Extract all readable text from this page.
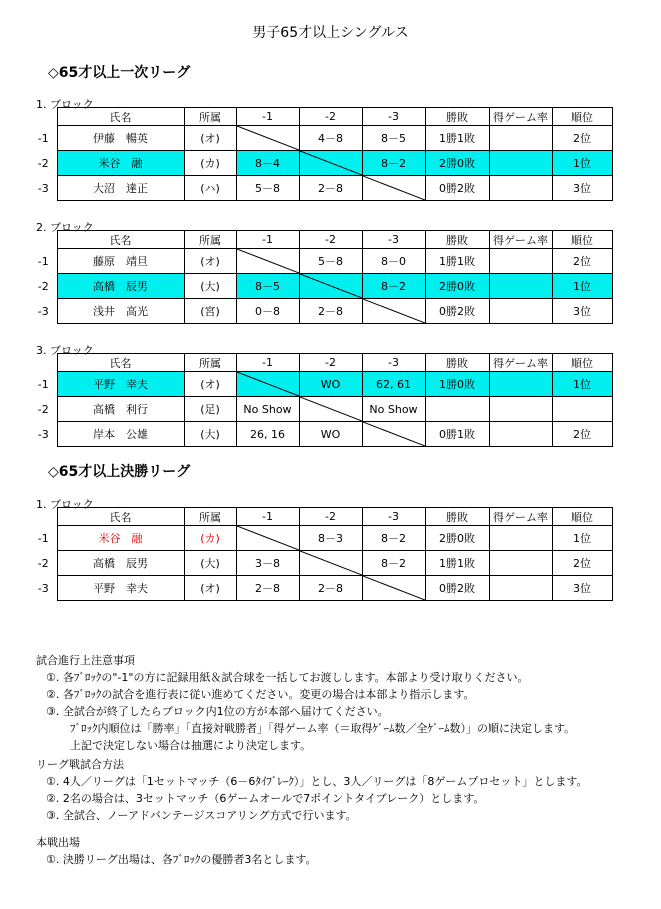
男子65才以上シングルス
◇65才以上一次リーグ
1. ブロック
	氏名	所属	-1	-2	-3	勝敗	得ゲーム率	順位
-1	伊藤　暢英	(オ)		4－8	8－5	1勝1敗		2位
-2	米谷　融	(カ)	8－4		8－2	2勝0敗		1位
-3	大沼　達正	(ハ)	5－8	2－8		0勝2敗		3位
2. ブロック
	氏名	所属	-1	-2	-3	勝敗	得ゲーム率	順位
-1	藤原　靖旦	(オ)		5－8	8－0	1勝1敗		2位
-2	高橋　辰男	(大)	8－5		8－2	2勝0敗		1位
-3	浅井　高光	(宮)	0－8	2－8		0勝2敗		3位
3. ブロック
	氏名	所属	-1	-2	-3	勝敗	得ゲーム率	順位
-1	平野　幸夫	(オ)		WO	62, 61	1勝0敗		1位
-2	高橋　利行	(足)	No Show		No Show			
-3	岸本　公雄	(大)	26, 16	WO		0勝1敗		2位
◇65才以上決勝リーグ
1. ブロック
	氏名	所属	-1	-2	-3	勝敗	得ゲーム率	順位
-1	米谷　融	(カ)		8－3	8－2	2勝0敗		1位
-2	高橋　辰男	(大)	3－8		8－2	1勝1敗		2位
-3	平野　幸夫	(オ)	2－8	2－8		0勝2敗		3位
試合進行上注意事項
①. 各ﾌﾞﾛｯｸの"-1"の方に記録用紙＆試合球を一括してお渡しします。本部より受け取りください。
②. 各ﾌﾞﾛｯｸの試合を進行表に従い進めてください。変更の場合は本部より指示します。
③. 全試合が終了したらブロック内1位の方が本部へ届けてください。
ﾌﾞﾛｯｸ内順位は「勝率」「直接対戦勝者」「得ゲーム率（＝取得ｹﾞｰﾑ数／全ｹﾞｰﾑ数）」の順に決定します。
上記で決定しない場合は抽選により決定します。
リーグ戦試合方法
①. 4人／リーグは「1セットマッチ（6－6ﾀｲﾌﾞﾚｰｸ）」とし、3人／リーグは「8ゲームプロセット」とします。
②. 2名の場合は、3セットマッチ（6ゲームオールで7ポイントタイブレーク）とします。
③. 全試合、ノーアドバンテージスコアリング方式で行います。
本戦出場
①. 決勝リーグ出場は、各ﾌﾞﾛｯｸの優勝者3名とします。
